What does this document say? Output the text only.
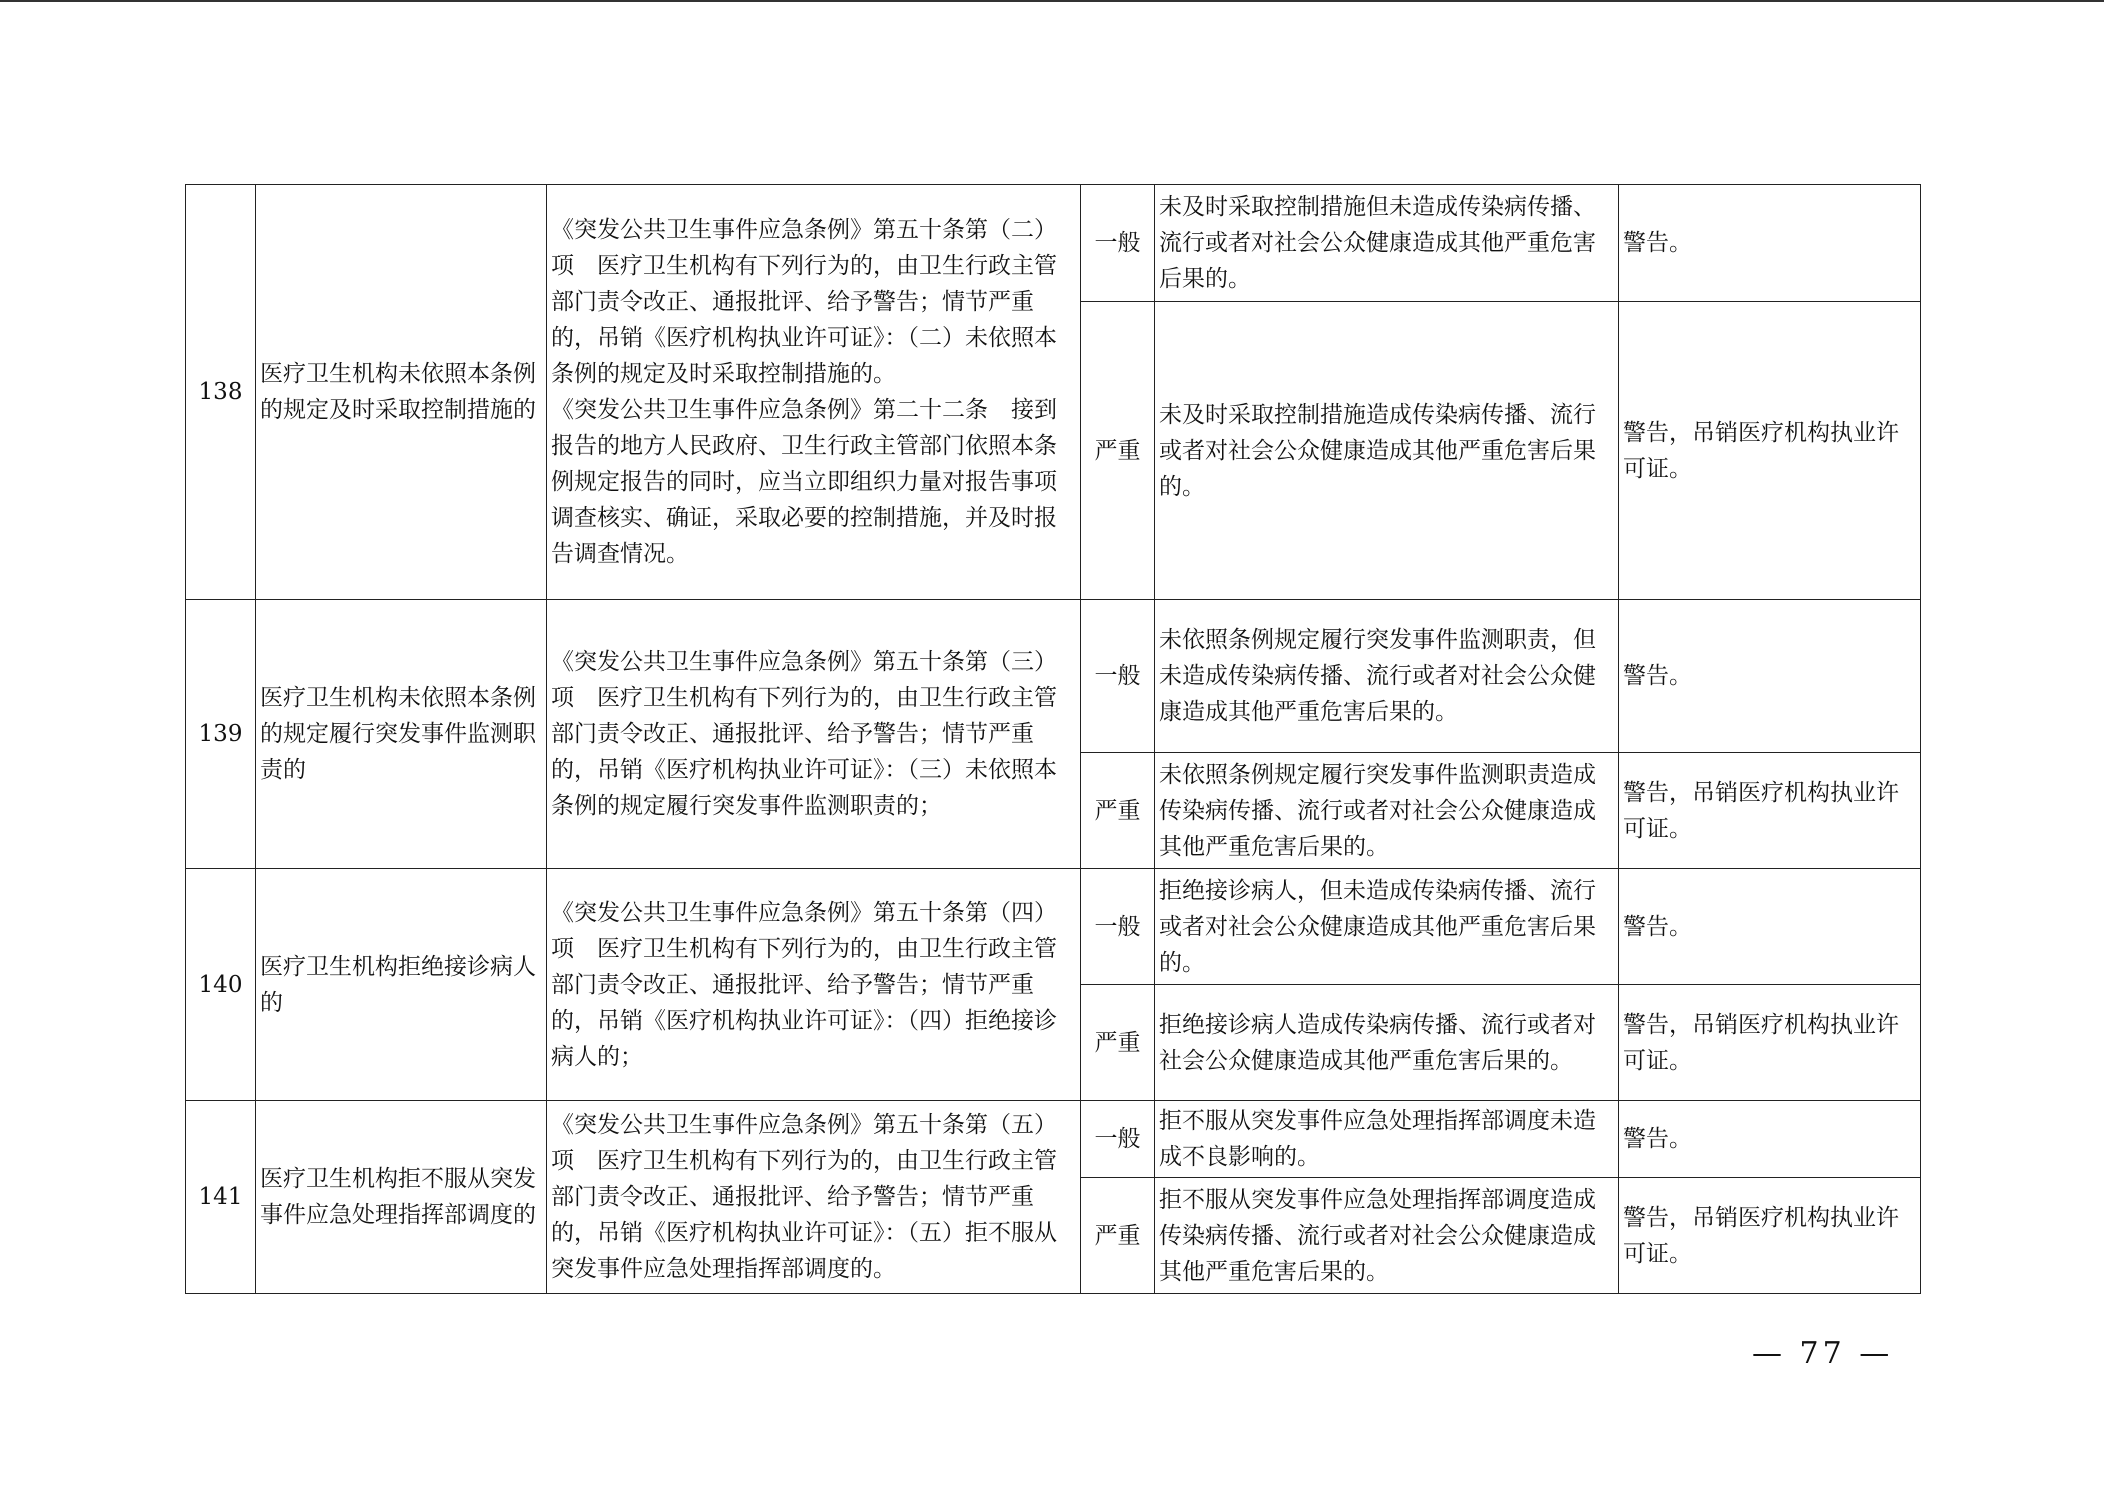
138	医疗卫生机构未依照本条例的规定及时采取控制措施的	《突发公共卫生事件应急条例》第五十条第（二）项　医疗卫生机构有下列行为的，由卫生行政主管部门责令改正、通报批评、给予警告；情节严重的，吊销《医疗机构执业许可证》：（二）未依照本条例的规定及时采取控制措施的。
《突发公共卫生事件应急条例》第二十二条　接到报告的地方人民政府、卫生行政主管部门依照本条例规定报告的同时，应当立即组织力量对报告事项调查核实、确证，采取必要的控制措施，并及时报告调查情况。	一般	未及时采取控制措施但未造成传染病传播、流行或者对社会公众健康造成其他严重危害后果的。	警告。
			严重	未及时采取控制措施造成传染病传播、流行或者对社会公众健康造成其他严重危害后果的。	警告，吊销医疗机构执业许可证。
139	医疗卫生机构未依照本条例的规定履行突发事件监测职责的	《突发公共卫生事件应急条例》第五十条第（三）项　医疗卫生机构有下列行为的，由卫生行政主管部门责令改正、通报批评、给予警告；情节严重的，吊销《医疗机构执业许可证》：（三）未依照本条例的规定履行突发事件监测职责的；	一般	未依照条例规定履行突发事件监测职责，但未造成传染病传播、流行或者对社会公众健康造成其他严重危害后果的。	警告。
			严重	未依照条例规定履行突发事件监测职责造成传染病传播、流行或者对社会公众健康造成其他严重危害后果的。	警告，吊销医疗机构执业许可证。
140	医疗卫生机构拒绝接诊病人的	《突发公共卫生事件应急条例》第五十条第（四）项　医疗卫生机构有下列行为的，由卫生行政主管部门责令改正、通报批评、给予警告；情节严重的，吊销《医疗机构执业许可证》：（四）拒绝接诊病人的；	一般	拒绝接诊病人，但未造成传染病传播、流行或者对社会公众健康造成其他严重危害后果的。	警告。
			严重	拒绝接诊病人造成传染病传播、流行或者对社会公众健康造成其他严重危害后果的。	警告，吊销医疗机构执业许可证。
141	医疗卫生机构拒不服从突发事件应急处理指挥部调度的	《突发公共卫生事件应急条例》第五十条第（五）项　医疗卫生机构有下列行为的，由卫生行政主管部门责令改正、通报批评、给予警告；情节严重的，吊销《医疗机构执业许可证》：（五）拒不服从突发事件应急处理指挥部调度的。	一般	拒不服从突发事件应急处理指挥部调度未造成不良影响的。	警告。
			严重	拒不服从突发事件应急处理指挥部调度造成传染病传播、流行或者对社会公众健康造成其他严重危害后果的。	警告，吊销医疗机构执业许可证。
— 77 —
